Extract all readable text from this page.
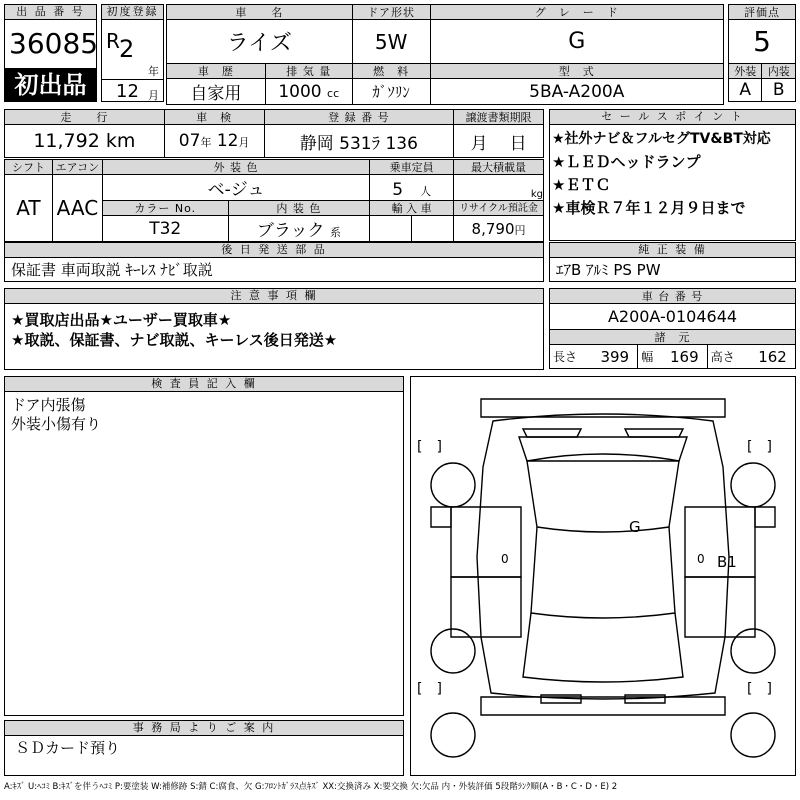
出 品 番 号
36085
初出品
初度登録
R 2
年
12 月
車　　名	ドア形状	グ　レ　ー　ド
ライズ	5W	G
車　歴	排 気 量	燃　料	型　式
自家用	1000 cc	ｶﾞｿﾘﾝ	5BA-A200A
評価点	
5	
外装	内装
A	B
走　　行	車　検	登 録 番 号	譲渡書類期限
11,792 km	07年 12月	静岡 531ﾗ 136	月 日
シフト	エアコン	外 装 色		乗車定員		最大積載量
AT	AAC	ベ-ジュ		5　 人		kg
		カラー No.	内 装 色	輸 入 車		リサイクル預託金
		T32	ブラック 系			8,790円
セ ー ル ス ポ イ ン ト
★社外ナビ＆フルセグTV&BT対応
★ＬＥＤヘッドランプ
★ＥＴＣ
★車検Ｒ７年１２月９日まで
後 日 発 送 部 品
保証書 車両取説 ｷｰﾚｽ ﾅﾋﾞ取説
純 正 装 備
ｴｱB ｱﾙﾐ PS PW
注 意 事 項 欄
★買取店出品★ユーザー買取車★
★取説、保証書、ナビ取説、キーレス後日発送★
車 台 番 号
A200A-0104644
諸　元
長さ	399	幅	169	高さ	162
検 査 員 記 入 欄
ドア内張傷
外装小傷有り
[　]	[　]
[　]	[　]
G
B1
0	0
事 務 局 よ り ご 案 内
ＳＤカード預り
A:ｷｽﾞ U:ﾍｺﾐ B:ｷｽﾞを伴うﾍｺﾐ P:要塗装 W:補修跡 S:錆 C:腐食、欠 G:ﾌﾛﾝﾄｶﾞﾗｽ点ｷｽﾞ XX:交換済み X:要交換 欠:欠品 内・外装評価 5段階ﾗﾝｸ順(A・B・C・D・E) 2
